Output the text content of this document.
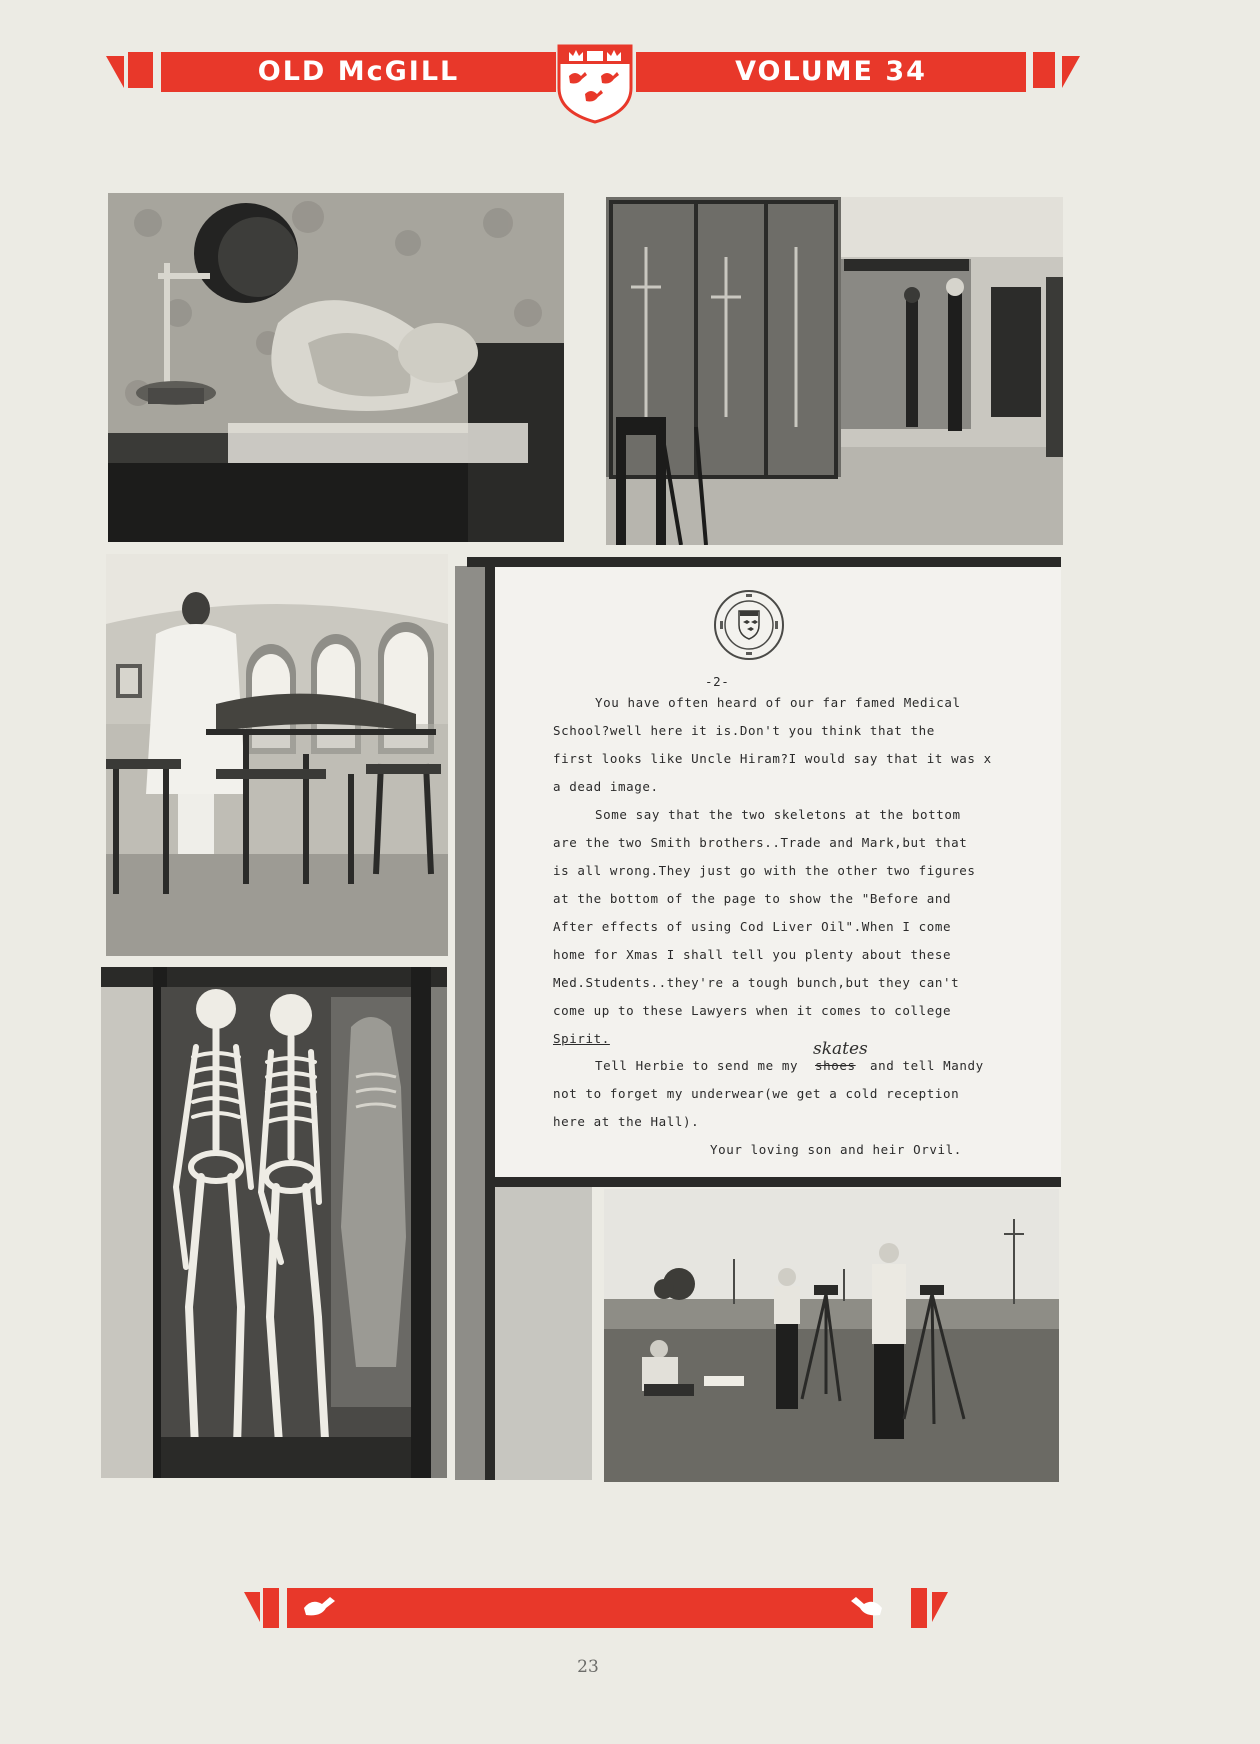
OLD McGILL	VOLUME 34
-2-
You have often heard of our far famed Medical
School?well here it is.Don't you think that the
first looks like Uncle Hiram?I would say that it was x
a dead image.
Some say that the two skeletons at the bottom
are the two Smith brothers..Trade and Mark,but that
is all wrong.They just go with the other two figures
at the bottom of the page to show the "Before and
After effects of using Cod Liver Oil".When I come
home for Xmas I shall tell you plenty about these
Med.Students..they're a tough bunch,but they can't
come up to these Lawyers when it comes to college
Spirit.
Tell Herbie to send me my
skates
shoes and tell Mandy
not to forget my underwear(we get a cold reception
here at the Hall).
Your loving son and heir Orvil.
23
